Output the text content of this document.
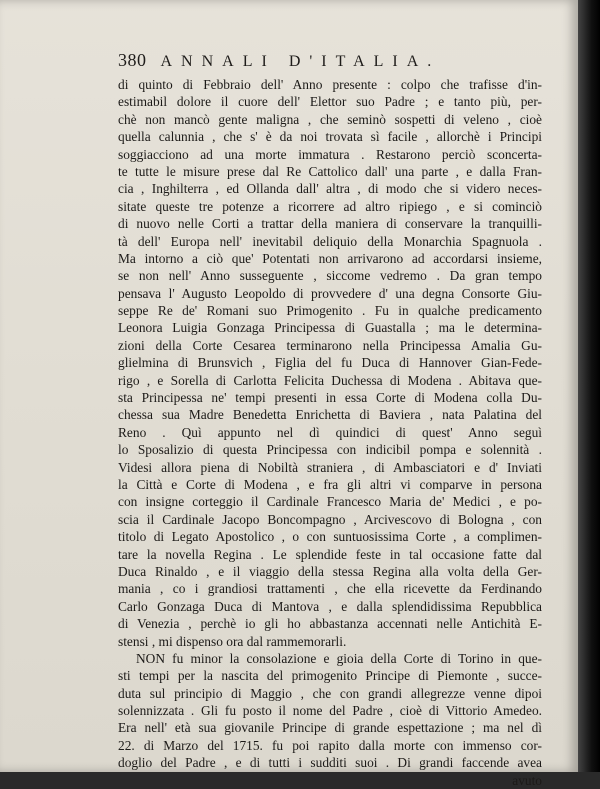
380 ANNALI D'ITALIA.
di quinto di Febbraio dell' Anno presente : colpo che trafisse d'in-
estimabil dolore il cuore dell' Elettor suo Padre ; e tanto più, per-
chè non mancò gente maligna , che seminò sospetti di veleno , cioè
quella calunnia , che s' è da noi trovata sì facile , allorchè i Principi
soggiacciono ad una morte immatura . Restarono perciò sconcerta-
te tutte le misure prese dal Re Cattolico dall' una parte , e dalla Fran-
cia , Inghilterra , ed Ollanda dall' altra , di modo che si videro neces-
sitate queste tre potenze a ricorrere ad altro ripiego , e si cominciò
di nuovo nelle Corti a trattar della maniera di conservare la tranquilli-
tà dell' Europa nell' inevitabil deliquio della Monarchia Spagnuola .
Ma intorno a ciò que' Potentati non arrivarono ad accordarsi insieme,
se non nell' Anno susseguente , siccome vedremo . Da gran tempo
pensava l' Augusto Leopoldo di provvedere d' una degna Consorte Giu-
seppe Re de' Romani suo Primogenito . Fu in qualche predicamento
Leonora Luigia Gonzaga Principessa di Guastalla ; ma le determina-
zioni della Corte Cesarea terminarono nella Principessa Amalia Gu-
glielmina di Brunsvich , Figlia del fu Duca di Hannover Gian-Fede-
rigo , e Sorella di Carlotta Felicita Duchessa di Modena . Abitava que-
sta Principessa ne' tempi presenti in essa Corte di Modena colla Du-
chessa sua Madre Benedetta Enrichetta di Baviera , nata Palatina del
Reno . Quì appunto nel dì quindici di quest' Anno seguì
lo Sposalizio di questa Principessa con indicibil pompa e solennità .
Videsi allora piena di Nobiltà straniera , di Ambasciatori e d' Inviati
la Città e Corte di Modena , e fra gli altri vi comparve in persona
con insigne corteggio il Cardinale Francesco Maria de' Medici , e po-
scia il Cardinale Jacopo Boncompagno , Arcivescovo di Bologna , con
titolo di Legato Apostolico , o con suntuosissima Corte , a complimen-
tare la novella Regina . Le splendide feste in tal occasione fatte dal
Duca Rinaldo , e il viaggio della stessa Regina alla volta della Ger-
mania , co i grandiosi trattamenti , che ella ricevette da Ferdinando
Carlo Gonzaga Duca di Mantova , e dalla splendidissima Repubblica
di Venezia , perchè io gli ho abbastanza accennati nelle Antichità E-
stensi , mi dispenso ora dal rammemorarli.
NON fu minor la consolazione e gioia della Corte di Torino in que-
sti tempi per la nascita del primogenito Principe di Piemonte , succe-
duta sul principio di Maggio , che con grandi allegrezze venne dipoi
solennizzata . Gli fu posto il nome del Padre , cioè di Vittorio Amedeo.
Era nell' età sua giovanile Principe di grande espettazione ; ma nel dì
22. di Marzo del 1715. fu poi rapito dalla morte con immenso cor-
doglio del Padre , e di tutti i sudditi suoi . Di grandi faccende avea
avuto
